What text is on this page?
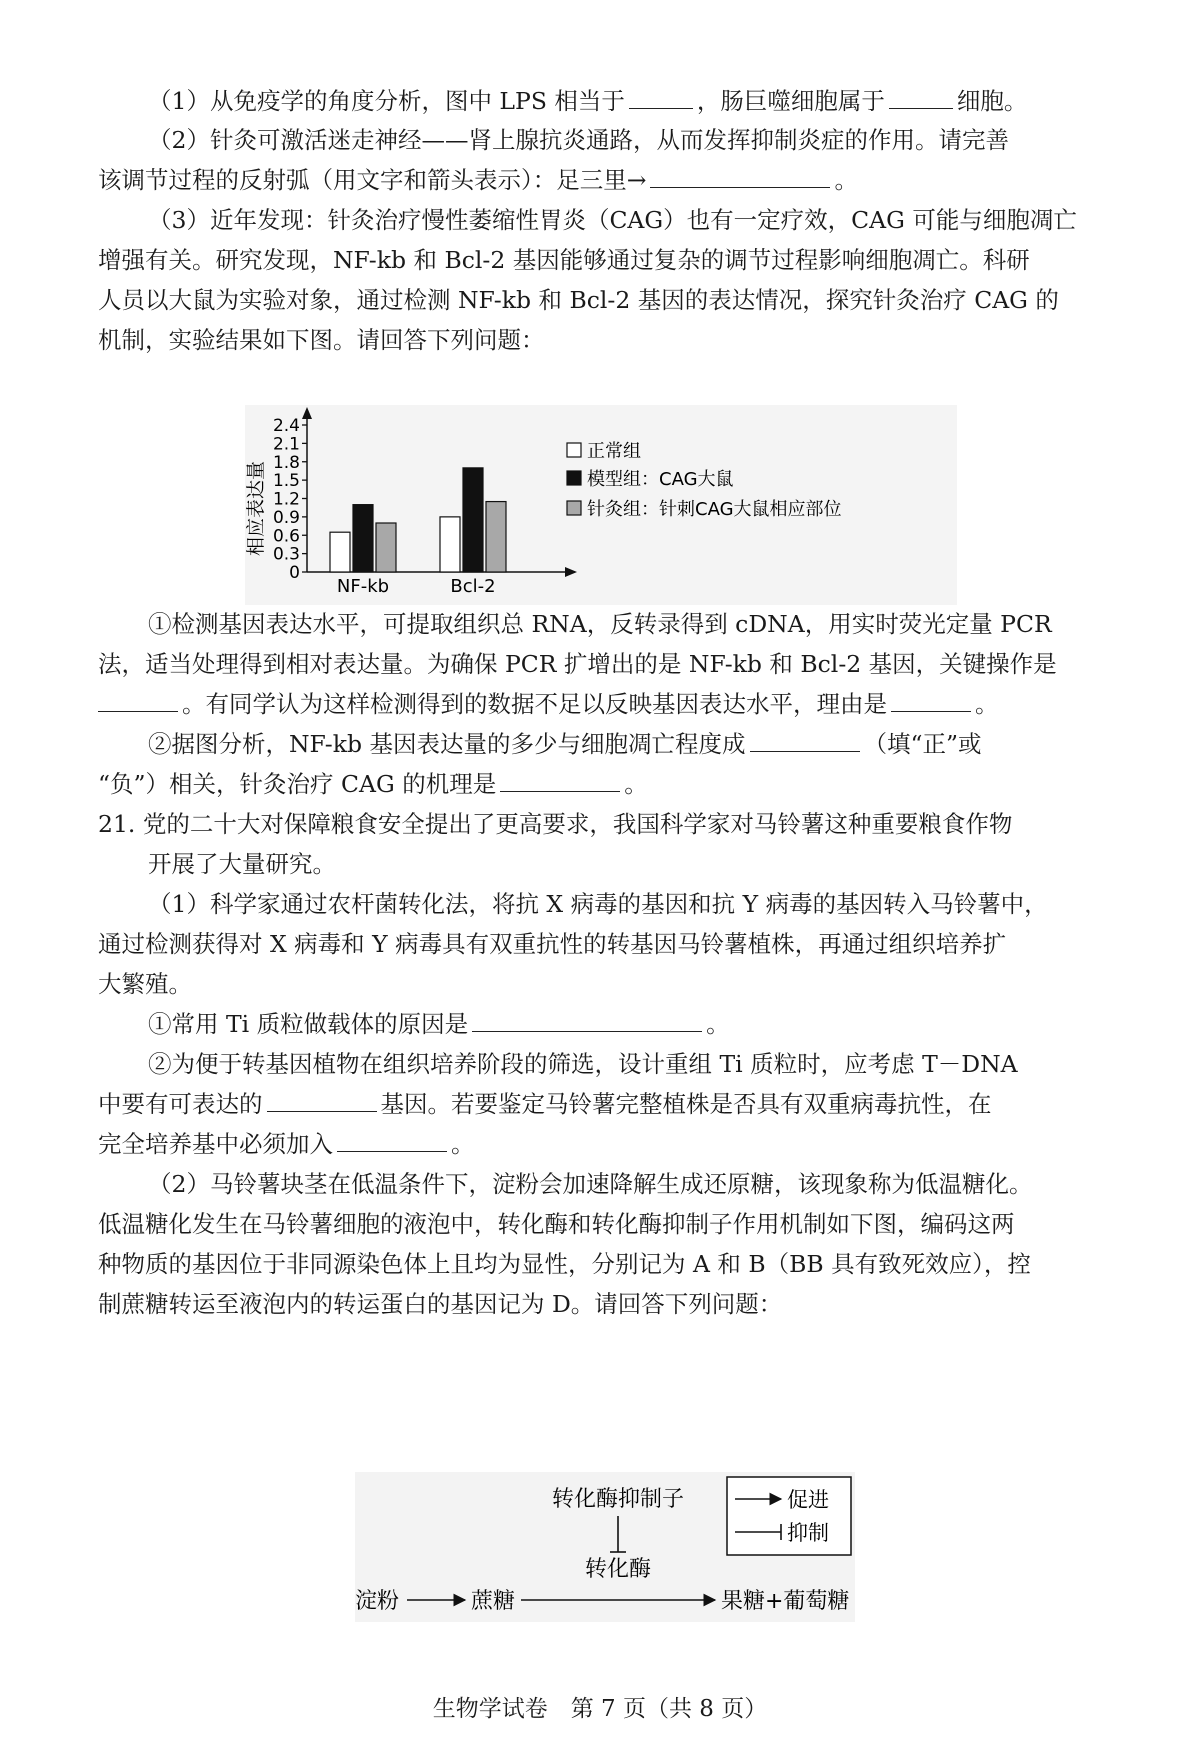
（1）从免疫学的角度分析，图中 LPS 相当于	，肠巨噬细胞属于	细胞。
（2）针灸可激活迷走神经——肾上腺抗炎通路，从而发挥抑制炎症的作用。请完善
该调节过程的反射弧（用文字和箭头表示）：足三里→	。
（3）近年发现：针灸治疗慢性萎缩性胃炎（CAG）也有一定疗效，CAG 可能与细胞凋亡
增强有关。研究发现，NF-kb 和 Bcl-2 基因能够通过复杂的调节过程影响细胞凋亡。科研
人员以大鼠为实验对象，通过检测 NF-kb 和 Bcl-2 基因的表达情况，探究针灸治疗 CAG 的
机制，实验结果如下图。请回答下列问题：
0
0.3
0.6
0.9
1.2
1.5
1.8
2.1
2.4
相应表达量
NF-kb	Bcl-2
正常组
模型组：CAG大鼠
针灸组：针刺CAG大鼠相应部位
①检测基因表达水平，可提取组织总 RNA，反转录得到 cDNA，用实时荧光定量 PCR
法，适当处理得到相对表达量。为确保 PCR 扩增出的是 NF-kb 和 Bcl-2 基因，关键操作是
。有同学认为这样检测得到的数据不足以反映基因表达水平，理由是	。
②据图分析，NF-kb 基因表达量的多少与细胞凋亡程度成	（填“正”或
“负”）相关，针灸治疗 CAG 的机理是	。
21. 党的二十大对保障粮食安全提出了更高要求，我国科学家对马铃薯这种重要粮食作物
开展了大量研究。
（1）科学家通过农杆菌转化法，将抗 X 病毒的基因和抗 Y 病毒的基因转入马铃薯中，
通过检测获得对 X 病毒和 Y 病毒具有双重抗性的转基因马铃薯植株，再通过组织培养扩
大繁殖。
①常用 Ti 质粒做载体的原因是	。
②为便于转基因植物在组织培养阶段的筛选，设计重组 Ti 质粒时，应考虑 T－DNA
中要有可表达的	基因。若要鉴定马铃薯完整植株是否具有双重病毒抗性，在
完全培养基中必须加入	。
（2）马铃薯块茎在低温条件下，淀粉会加速降解生成还原糖，该现象称为低温糖化。
低温糖化发生在马铃薯细胞的液泡中，转化酶和转化酶抑制子作用机制如下图，编码这两
种物质的基因位于非同源染色体上且均为显性，分别记为 A 和 B（BB 具有致死效应），控
制蔗糖转运至液泡内的转运蛋白的基因记为 D。请回答下列问题：
转化酶抑制子
转化酶
淀粉	蔗糖	果糖+葡萄糖
促进
抑制
生物学试卷　第 7 页（共 8 页）
